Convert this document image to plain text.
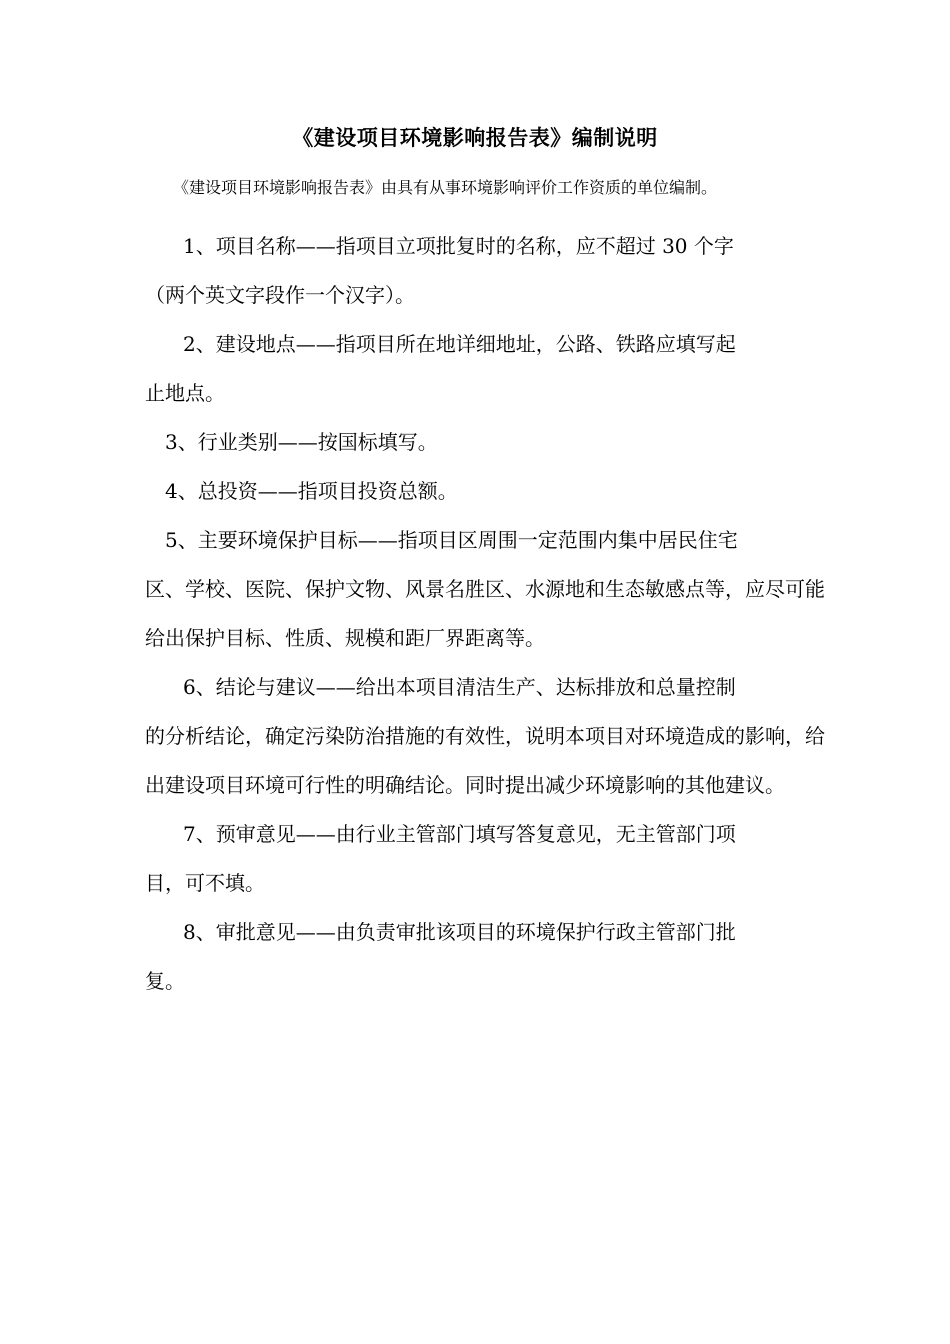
《建设项目环境影响报告表》编制说明
《建设项目环境影响报告表》由具有从事环境影响评价工作资质的单位编制。
1、项目名称——指项目立项批复时的名称，应不超过 30 个字
（两个英文字段作一个汉字）。
2、建设地点——指项目所在地详细地址，公路、铁路应填写起
止地点。
3、行业类别——按国标填写。
4、总投资——指项目投资总额。
5、主要环境保护目标——指项目区周围一定范围内集中居民住宅
区、学校、医院、保护文物、风景名胜区、水源地和生态敏感点等，应尽可能给出保护目标、性质、规模和距厂界距离等。
6、结论与建议——给出本项目清洁生产、达标排放和总量控制
的分析结论，确定污染防治措施的有效性，说明本项目对环境造成的影响，给出建设项目环境可行性的明确结论。同时提出减少环境影响的其他建议。
7、预审意见——由行业主管部门填写答复意见，无主管部门项
目，可不填。
8、审批意见——由负责审批该项目的环境保护行政主管部门批
复。
